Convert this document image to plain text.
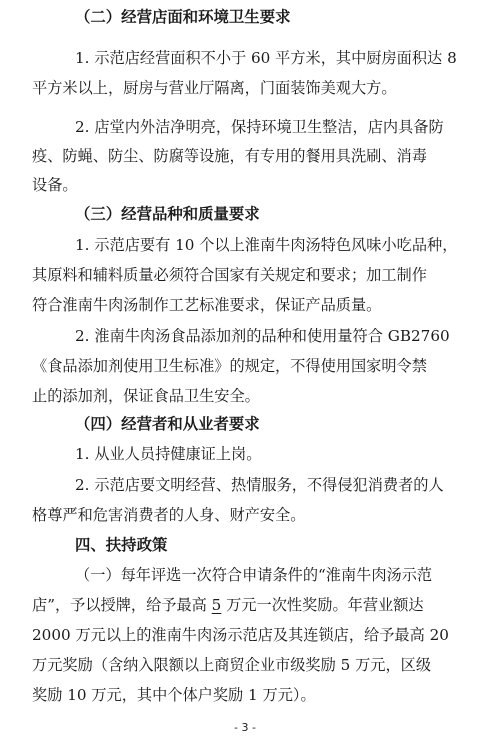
（二）经营店面和环境卫生要求
1. 示范店经营面积不小于 60 平方米，其中厨房面积达 8
平方米以上，厨房与营业厅隔离，门面装饰美观大方。
2. 店堂内外洁净明亮，保持环境卫生整洁，店内具备防
疫、防蝇、防尘、防腐等设施，有专用的餐用具洗刷、消毒
设备。
（三）经营品种和质量要求
1. 示范店要有 10 个以上淮南牛肉汤特色风味小吃品种，
其原料和辅料质量必须符合国家有关规定和要求；加工制作
符合淮南牛肉汤制作工艺标准要求，保证产品质量。
2. 淮南牛肉汤食品添加剂的品种和使用量符合 GB2760
《食品添加剂使用卫生标准》的规定，不得使用国家明令禁
止的添加剂，保证食品卫生安全。
（四）经营者和从业者要求
1. 从业人员持健康证上岗。
2. 示范店要文明经营、热情服务，不得侵犯消费者的人
格尊严和危害消费者的人身、财产安全。
四、扶持政策
（一）每年评选一次符合申请条件的“淮南牛肉汤示范
店”，予以授牌，给予最高 5 万元一次性奖励。年营业额达
2000 万元以上的淮南牛肉汤示范店及其连锁店，给予最高 20
万元奖励（含纳入限额以上商贸企业市级奖励 5 万元，区级
奖励 10 万元，其中个体户奖励 1 万元）。
- 3 -
